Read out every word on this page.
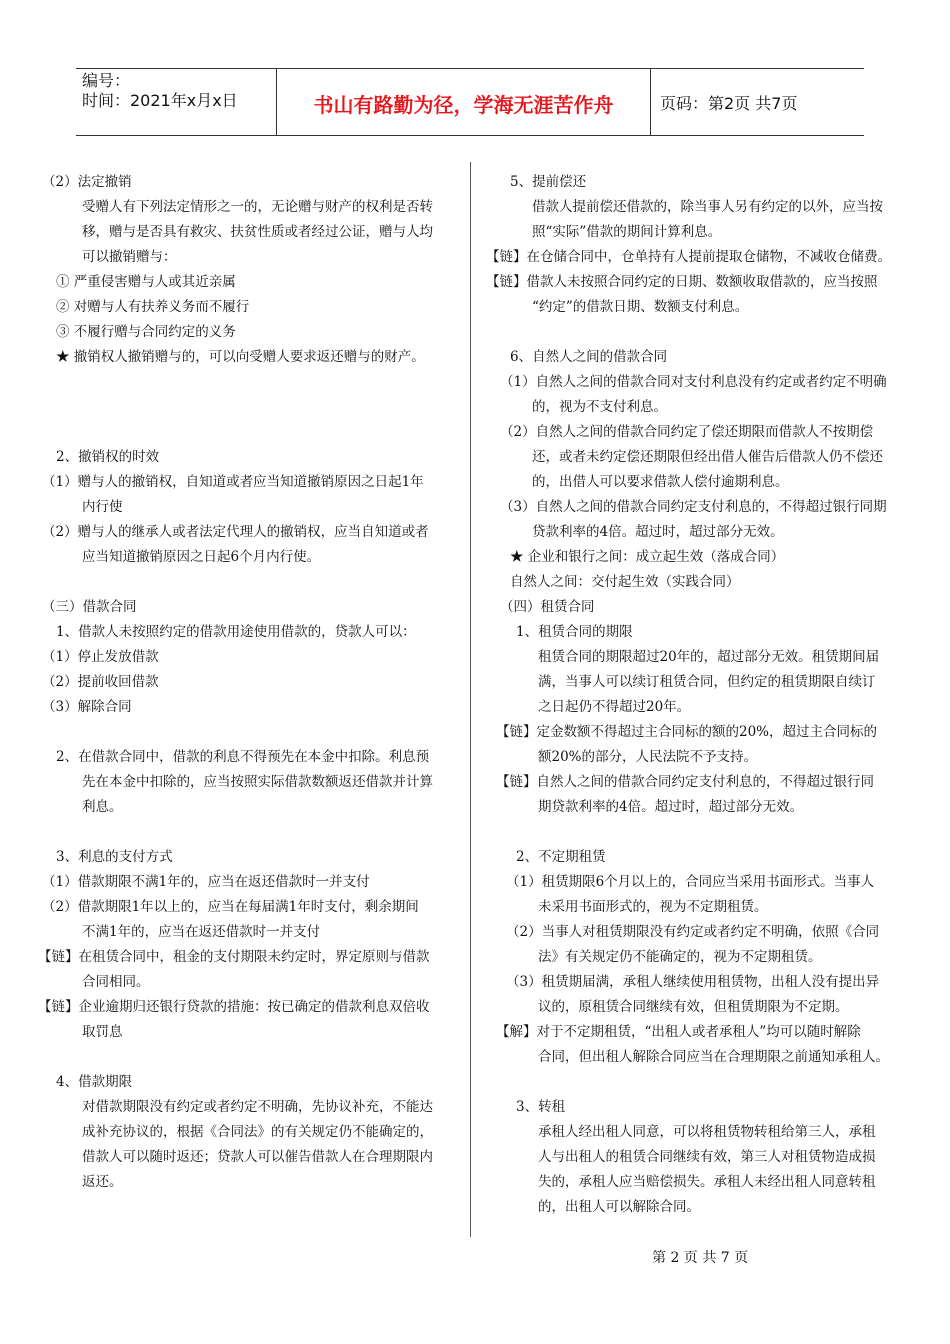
编号：
时间：2021年x月x日	书山有路勤为径，学海无涯苦作舟	页码：第2页 共7页
（2）法定撤销
受赠人有下列法定情形之一的，无论赠与财产的权利是否转
移，赠与是否具有救灾、扶贫性质或者经过公证，赠与人均
可以撤销赠与：
① 严重侵害赠与人或其近亲属
② 对赠与人有扶养义务而不履行
③ 不履行赠与合同约定的义务
★ 撤销权人撤销赠与的，可以向受赠人要求返还赠与的财产。
2、撤销权的时效
（1）赠与人的撤销权，自知道或者应当知道撤销原因之日起1年
内行使
（2）赠与人的继承人或者法定代理人的撤销权，应当自知道或者
应当知道撤销原因之日起6个月内行使。
（三）借款合同
1、借款人未按照约定的借款用途使用借款的，贷款人可以：
（1）停止发放借款
（2）提前收回借款
（3）解除合同
2、在借款合同中，借款的利息不得预先在本金中扣除。利息预
先在本金中扣除的，应当按照实际借款数额返还借款并计算
利息。
3、利息的支付方式
（1）借款期限不满1年的，应当在返还借款时一并支付
（2）借款期限1年以上的，应当在每届满1年时支付，剩余期间
不满1年的，应当在返还借款时一并支付
【链】在租赁合同中，租金的支付期限未约定时，界定原则与借款
合同相同。
【链】企业逾期归还银行贷款的措施：按已确定的借款利息双倍收
取罚息
4、借款期限
对借款期限没有约定或者约定不明确，先协议补充，不能达
成补充协议的，根据《合同法》的有关规定仍不能确定的，
借款人可以随时返还；贷款人可以催告借款人在合理期限内
返还。
5、提前偿还
借款人提前偿还借款的，除当事人另有约定的以外，应当按
照“实际”借款的期间计算利息。
【链】在仓储合同中，仓单持有人提前提取仓储物，不减收仓储费。
【链】借款人未按照合同约定的日期、数额收取借款的，应当按照
“约定”的借款日期、数额支付利息。
6、自然人之间的借款合同
（1）自然人之间的借款合同对支付利息没有约定或者约定不明确
的，视为不支付利息。
（2）自然人之间的借款合同约定了偿还期限而借款人不按期偿
还，或者未约定偿还期限但经出借人催告后借款人仍不偿还
的，出借人可以要求借款人偿付逾期利息。
（3）自然人之间的借款合同约定支付利息的，不得超过银行同期
贷款利率的4倍。超过时，超过部分无效。
★ 企业和银行之间：成立起生效（落成合同）
自然人之间：交付起生效（实践合同）
（四）租赁合同
1、租赁合同的期限
租赁合同的期限超过20年的，超过部分无效。租赁期间届
满，当事人可以续订租赁合同，但约定的租赁期限自续订
之日起仍不得超过20年。
【链】定金数额不得超过主合同标的额的20%，超过主合同标的
额20%的部分，人民法院不予支持。
【链】自然人之间的借款合同约定支付利息的，不得超过银行同
期贷款利率的4倍。超过时，超过部分无效。
2、不定期租赁
（1）租赁期限6个月以上的，合同应当采用书面形式。当事人
未采用书面形式的，视为不定期租赁。
（2）当事人对租赁期限没有约定或者约定不明确，依照《合同
法》有关规定仍不能确定的，视为不定期租赁。
（3）租赁期届满，承租人继续使用租赁物，出租人没有提出异
议的，原租赁合同继续有效，但租赁期限为不定期。
【解】对于不定期租赁，“出租人或者承租人”均可以随时解除
合同，但出租人解除合同应当在合理期限之前通知承租人。
3、转租
承租人经出租人同意，可以将租赁物转租给第三人，承租
人与出租人的租赁合同继续有效，第三人对租赁物造成损
失的，承租人应当赔偿损失。承租人未经出租人同意转租
的，出租人可以解除合同。
第 2 页 共 7 页
